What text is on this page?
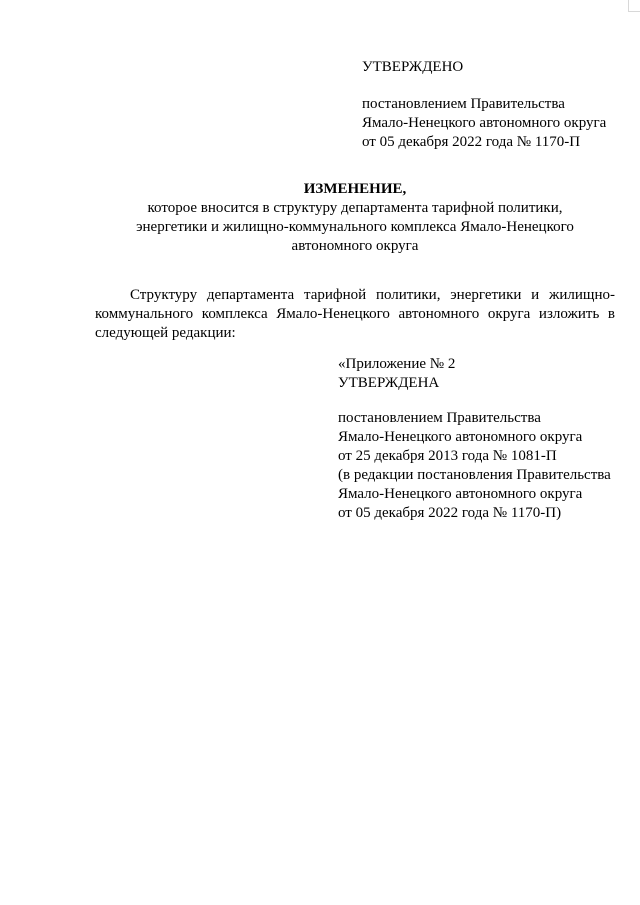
УТВЕРЖДЕНО
постановлением Правительства
Ямало-Ненецкого автономного округа
от 05 декабря 2022 года № 1170-П
ИЗМЕНЕНИЕ,
которое вносится в структуру департамента тарифной политики,
энергетики и жилищно-коммунального комплекса Ямало-Ненецкого
автономного округа

Структуру департамента тарифной политики, энергетики и жилищно-коммунального комплекса Ямало-Ненецкого автономного округа изложить в следующей редакции:

«Приложение № 2
УТВЕРЖДЕНА
постановлением Правительства
Ямало-Ненецкого автономного округа
от 25 декабря 2013 года № 1081-П
(в редакции постановления Правительства
Ямало-Ненецкого автономного округа
от 05 декабря 2022 года № 1170-П)
